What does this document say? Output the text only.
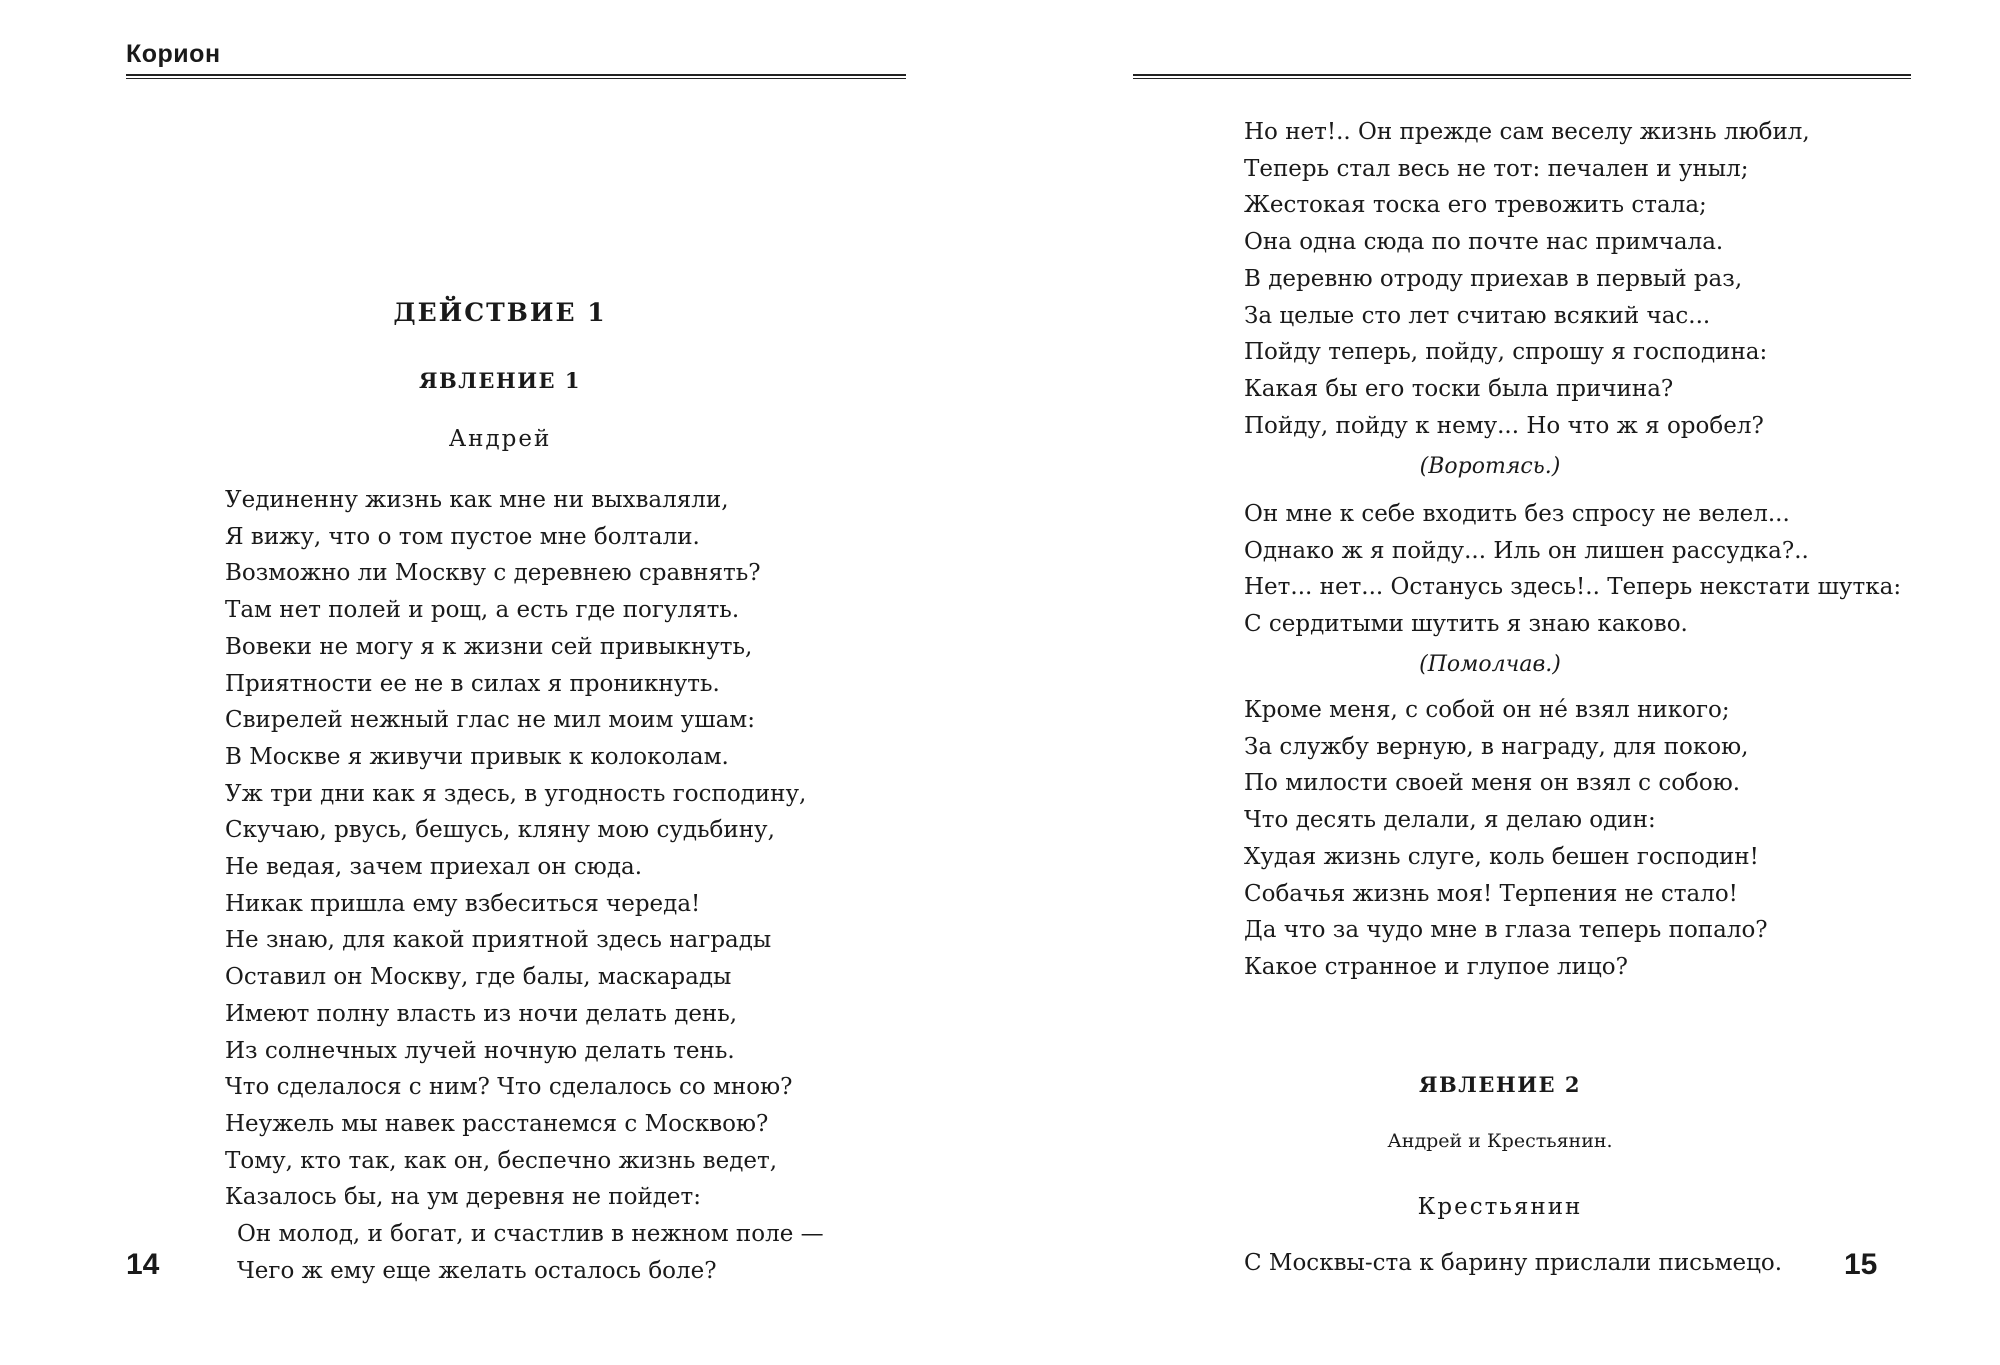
Корион
ДЕЙСТВИЕ 1
ЯВЛЕНИЕ 1
Андрей
Уединенну жизнь как мне ни выхваляли,
Я вижу, что о том пустое мне болтали.
Возможно ли Москву с деревнею сравнять?
Там нет полей и рощ, а есть где погулять.
Вовеки не могу я к жизни сей привыкнуть,
Приятности ее не в силах я проникнуть.
Свирелей нежный глас не мил моим ушам:
В Москве я живучи привык к колоколам.
Уж три дни как я здесь, в угодность господину,
Скучаю, рвусь, бешусь, кляну мою судьбину,
Не ведая, зачем приехал он сюда.
Никак пришла ему взбеситься череда!
Не знаю, для какой приятной здесь награды
Оставил он Москву, где балы, маскарады
Имеют полну власть из ночи делать день,
Из солнечных лучей ночную делать тень.
Что сделалося с ним? Что сделалось со мною?
Неужель мы навек расстанемся с Москвою?
Тому, кто так, как он, беспечно жизнь ведет,
Казалось бы, на ум деревня не пойдет:
Он молод, и богат, и счастлив в нежном поле —
Чего ж ему еще желать осталось боле?
14
Но нет!.. Он прежде сам веселу жизнь любил,
Теперь стал весь не тот: печален и уныл;
Жестокая тоска его тревожить стала;
Она одна сюда по почте нас примчала.
В деревню отроду приехав в первый раз,
За целые сто лет считаю всякий час...
Пойду теперь, пойду, спрошу я господина:
Какая бы его тоски была причина?
Пойду, пойду к нему... Но что ж я оробел?
(Воротясь.)
Он мне к себе входить без спросу не велел...
Однако ж я пойду... Иль он лишен рассудка?..
Нет... нет... Останусь здесь!.. Теперь некстати шутка:
С сердитыми шутить я знаю каково.
(Помолчав.)
Кроме меня, с собой он не́ взял никого;
За службу верную, в награду, для покою,
По милости своей меня он взял с собою.
Что десять делали, я делаю один:
Худая жизнь слуге, коль бешен господин!
Собачья жизнь моя! Терпения не стало!
Да что за чудо мне в глаза теперь попало?
Какое странное и глупое лицо?
ЯВЛЕНИЕ 2
Андрей и Крестьянин.
Крестьянин
С Москвы-ста к барину прислали письмецо. 15
